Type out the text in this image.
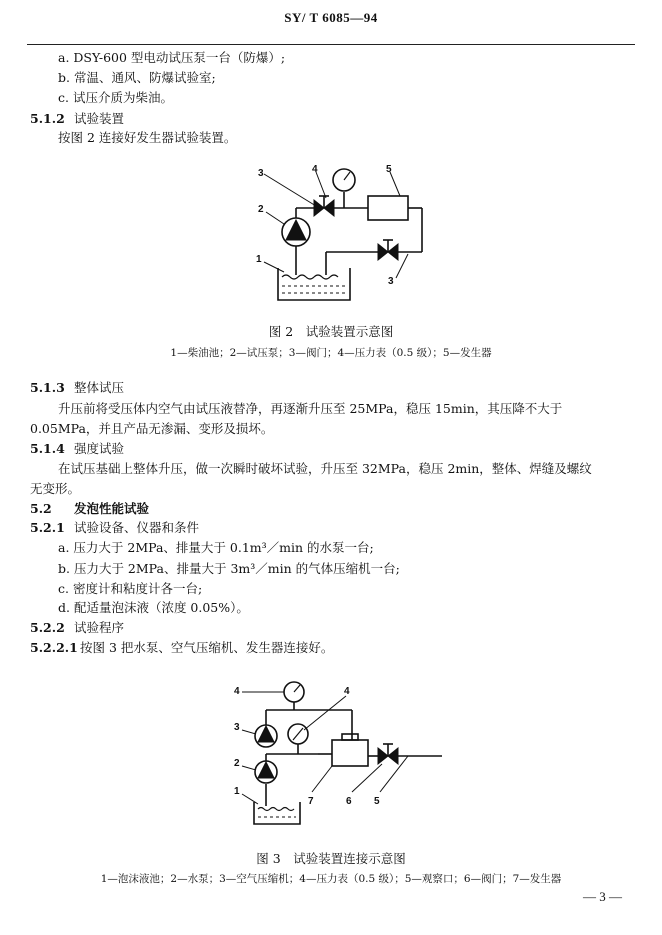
SY/ T 6085—94
a. DSY-600 型电动试压泵一台（防爆）;
b. 常温、通风、防爆试验室;
c. 试压介质为柴油。
5.1.2 试验装置
按图 2 连接好发生器试验装置。
3	4	5
2
1
3
图 2　试验装置示意图
1—柴油池；2—试压泵；3—阀门；4—压力表（0.5 级）；5—发生器
5.1.3 整体试压
升压前将受压体内空气由试压液替净，再逐渐升压至 25MPa，稳压 15min，其压降不大于
0.05MPa，并且产品无渗漏、变形及损坏。
5.1.4 强度试验
在试压基础上整体升压，做一次瞬时破坏试验，升压至 32MPa，稳压 2min，整体、焊缝及螺纹
无变形。
5.2 发泡性能试验
5.2.1 试验设备、仪器和条件
a. 压力大于 2MPa、排量大于 0.1m³／min 的水泵一台;
b. 压力大于 2MPa、排量大于 3m³／min 的气体压缩机一台;
c. 密度计和粘度计各一台;
d. 配适量泡沫液（浓度 0.05%）。
5.2.2 试验程序
5.2.2.1 按图 3 把水泵、空气压缩机、发生器连接好。
4	4
3
2
1
7	6 5
图 3　试验装置连接示意图
1—泡沫液池；2—水泵；3—空气压缩机；4—压力表（0.5 级）；5—观察口；6—阀门；7—发生器
— 3 —
